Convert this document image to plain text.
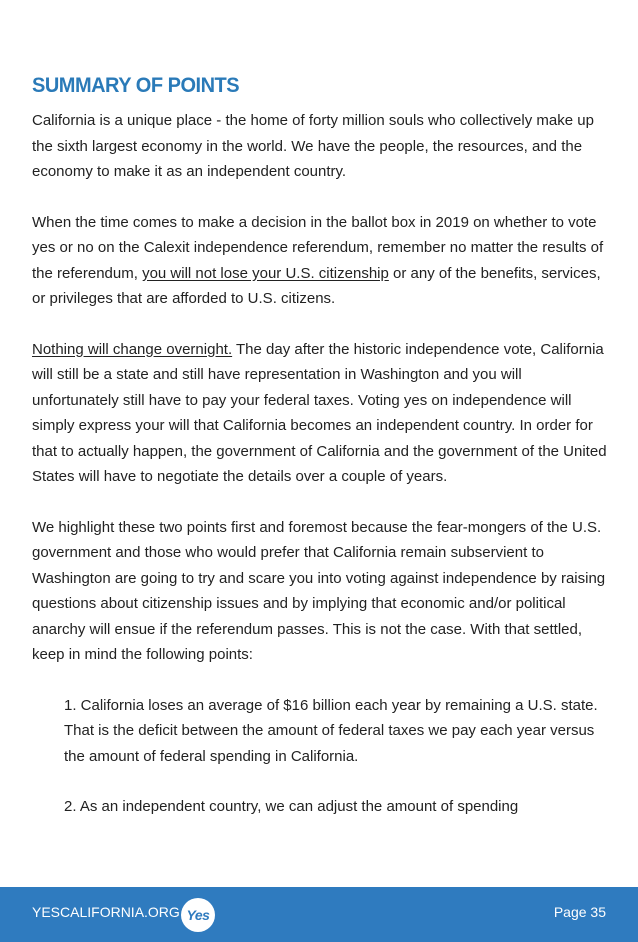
SUMMARY OF POINTS

California is a unique place - the home of forty million souls who collectively make up the sixth largest economy in the world. We have the people, the resources, and the economy to make it as an independent country.

When the time comes to make a decision in the ballot box in 2019 on whether to vote yes or no on the Calexit independence referendum, remember no matter the results of the referendum, you will not lose your U.S. citizenship or any of the benefits, services, or privileges that are afforded to U.S. citizens.

Nothing will change overnight. The day after the historic independence vote, California will still be a state and still have representation in Washington and you will unfortunately still have to pay your federal taxes. Voting yes on independence will simply express your will that California becomes an independent country. In order for that to actually happen, the government of California and the government of the United States will have to negotiate the details over a couple of years.

We highlight these two points first and foremost because the fear-mongers of the U.S. government and those who would prefer that California remain subservient to Washington are going to try and scare you into voting against independence by raising questions about citizenship issues and by implying that economic and/or political anarchy will ensue if the referendum passes. This is not the case. With that settled, keep in mind the following points:

1. California loses an average of $16 billion each year by remaining a U.S. state. That is the deficit between the amount of federal taxes we pay each year versus the amount of federal spending in California.

2. As an independent country, we can adjust the amount of spending

YESCALIFORNIA.ORG Yes	Page 35
